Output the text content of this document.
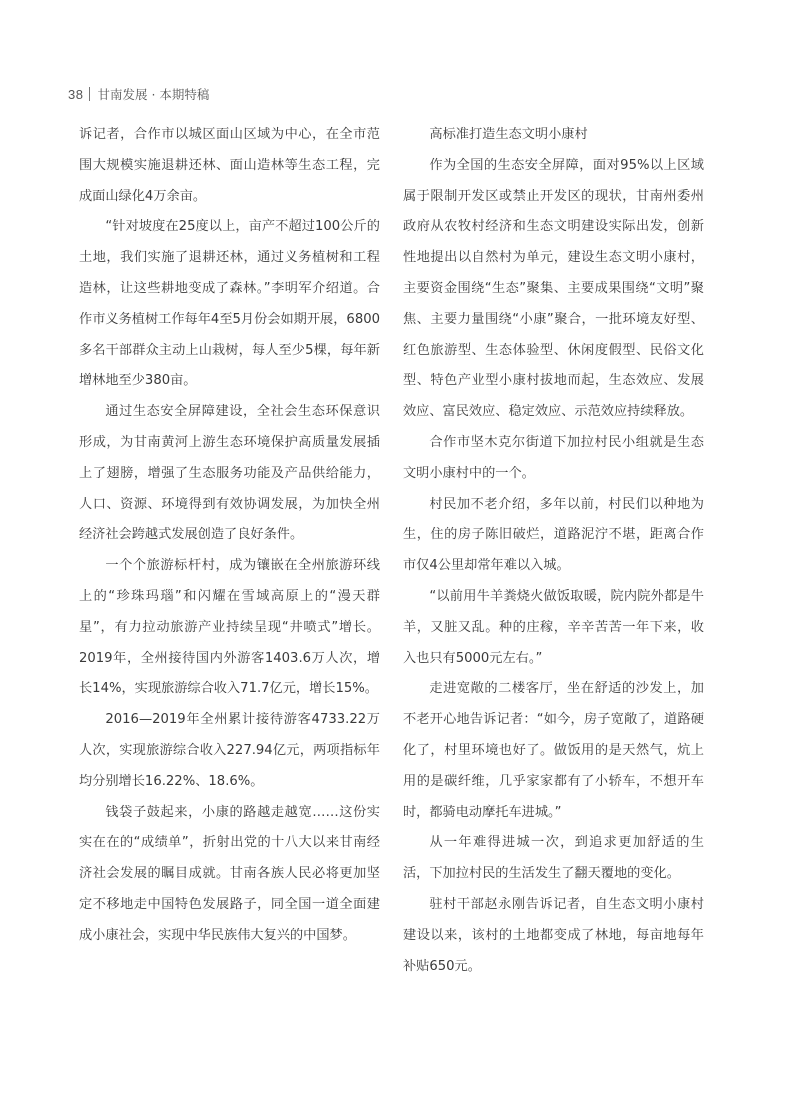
38 甘南发展 · 本期特稿

诉记者，合作市以城区面山区域为中心，在全市范围大规模实施退耕还林、面山造林等生态工程，完成面山绿化4万余亩。

“针对坡度在25度以上，亩产不超过100公斤的土地，我们实施了退耕还林，通过义务植树和工程造林，让这些耕地变成了森林。”李明军介绍道。合作市义务植树工作每年4至5月份会如期开展，6800多名干部群众主动上山栽树，每人至少5棵，每年新增林地至少380亩。

通过生态安全屏障建设，全社会生态环保意识形成，为甘南黄河上游生态环境保护高质量发展插上了翅膀，增强了生态服务功能及产品供给能力，人口、资源、环境得到有效协调发展，为加快全州经济社会跨越式发展创造了良好条件。

一个个旅游标杆村，成为镶嵌在全州旅游环线上的“珍珠玛瑙”和闪耀在雪域高原上的“漫天群星”，有力拉动旅游产业持续呈现“井喷式”增长。2019年，全州接待国内外游客1403.6万人次，增长14%，实现旅游综合收入71.7亿元，增长15%。

2016—2019年全州累计接待游客4733.22万人次，实现旅游综合收入227.94亿元，两项指标年均分别增长16.22%、18.6%。

钱袋子鼓起来，小康的路越走越宽……这份实实在在的“成绩单”，折射出党的十八大以来甘南经济社会发展的瞩目成就。甘南各族人民必将更加坚定不移地走中国特色发展路子，同全国一道全面建成小康社会，实现中华民族伟大复兴的中国梦。

高标准打造生态文明小康村

作为全国的生态安全屏障，面对95%以上区域属于限制开发区或禁止开发区的现状，甘南州委州政府从农牧村经济和生态文明建设实际出发，创新性地提出以自然村为单元，建设生态文明小康村，主要资金围绕“生态”聚集、主要成果围绕“文明”聚焦、主要力量围绕“小康”聚合，一批环境友好型、红色旅游型、生态体验型、休闲度假型、民俗文化型、特色产业型小康村拔地而起，生态效应、发展效应、富民效应、稳定效应、示范效应持续释放。

合作市坚木克尔街道下加拉村民小组就是生态文明小康村中的一个。

村民加不老介绍，多年以前，村民们以种地为生，住的房子陈旧破烂，道路泥泞不堪，距离合作市仅4公里却常年难以入城。

“以前用牛羊粪烧火做饭取暖，院内院外都是牛羊，又脏又乱。种的庄稼，辛辛苦苦一年下来，收入也只有5000元左右。”

走进宽敞的二楼客厅，坐在舒适的沙发上，加不老开心地告诉记者：“如今，房子宽敞了，道路硬化了，村里环境也好了。做饭用的是天然气，炕上用的是碳纤维，几乎家家都有了小轿车，不想开车时，都骑电动摩托车进城。”

从一年难得进城一次，到追求更加舒适的生活，下加拉村民的生活发生了翻天覆地的变化。

驻村干部赵永刚告诉记者，自生态文明小康村建设以来，该村的土地都变成了林地，每亩地每年补贴650元。
